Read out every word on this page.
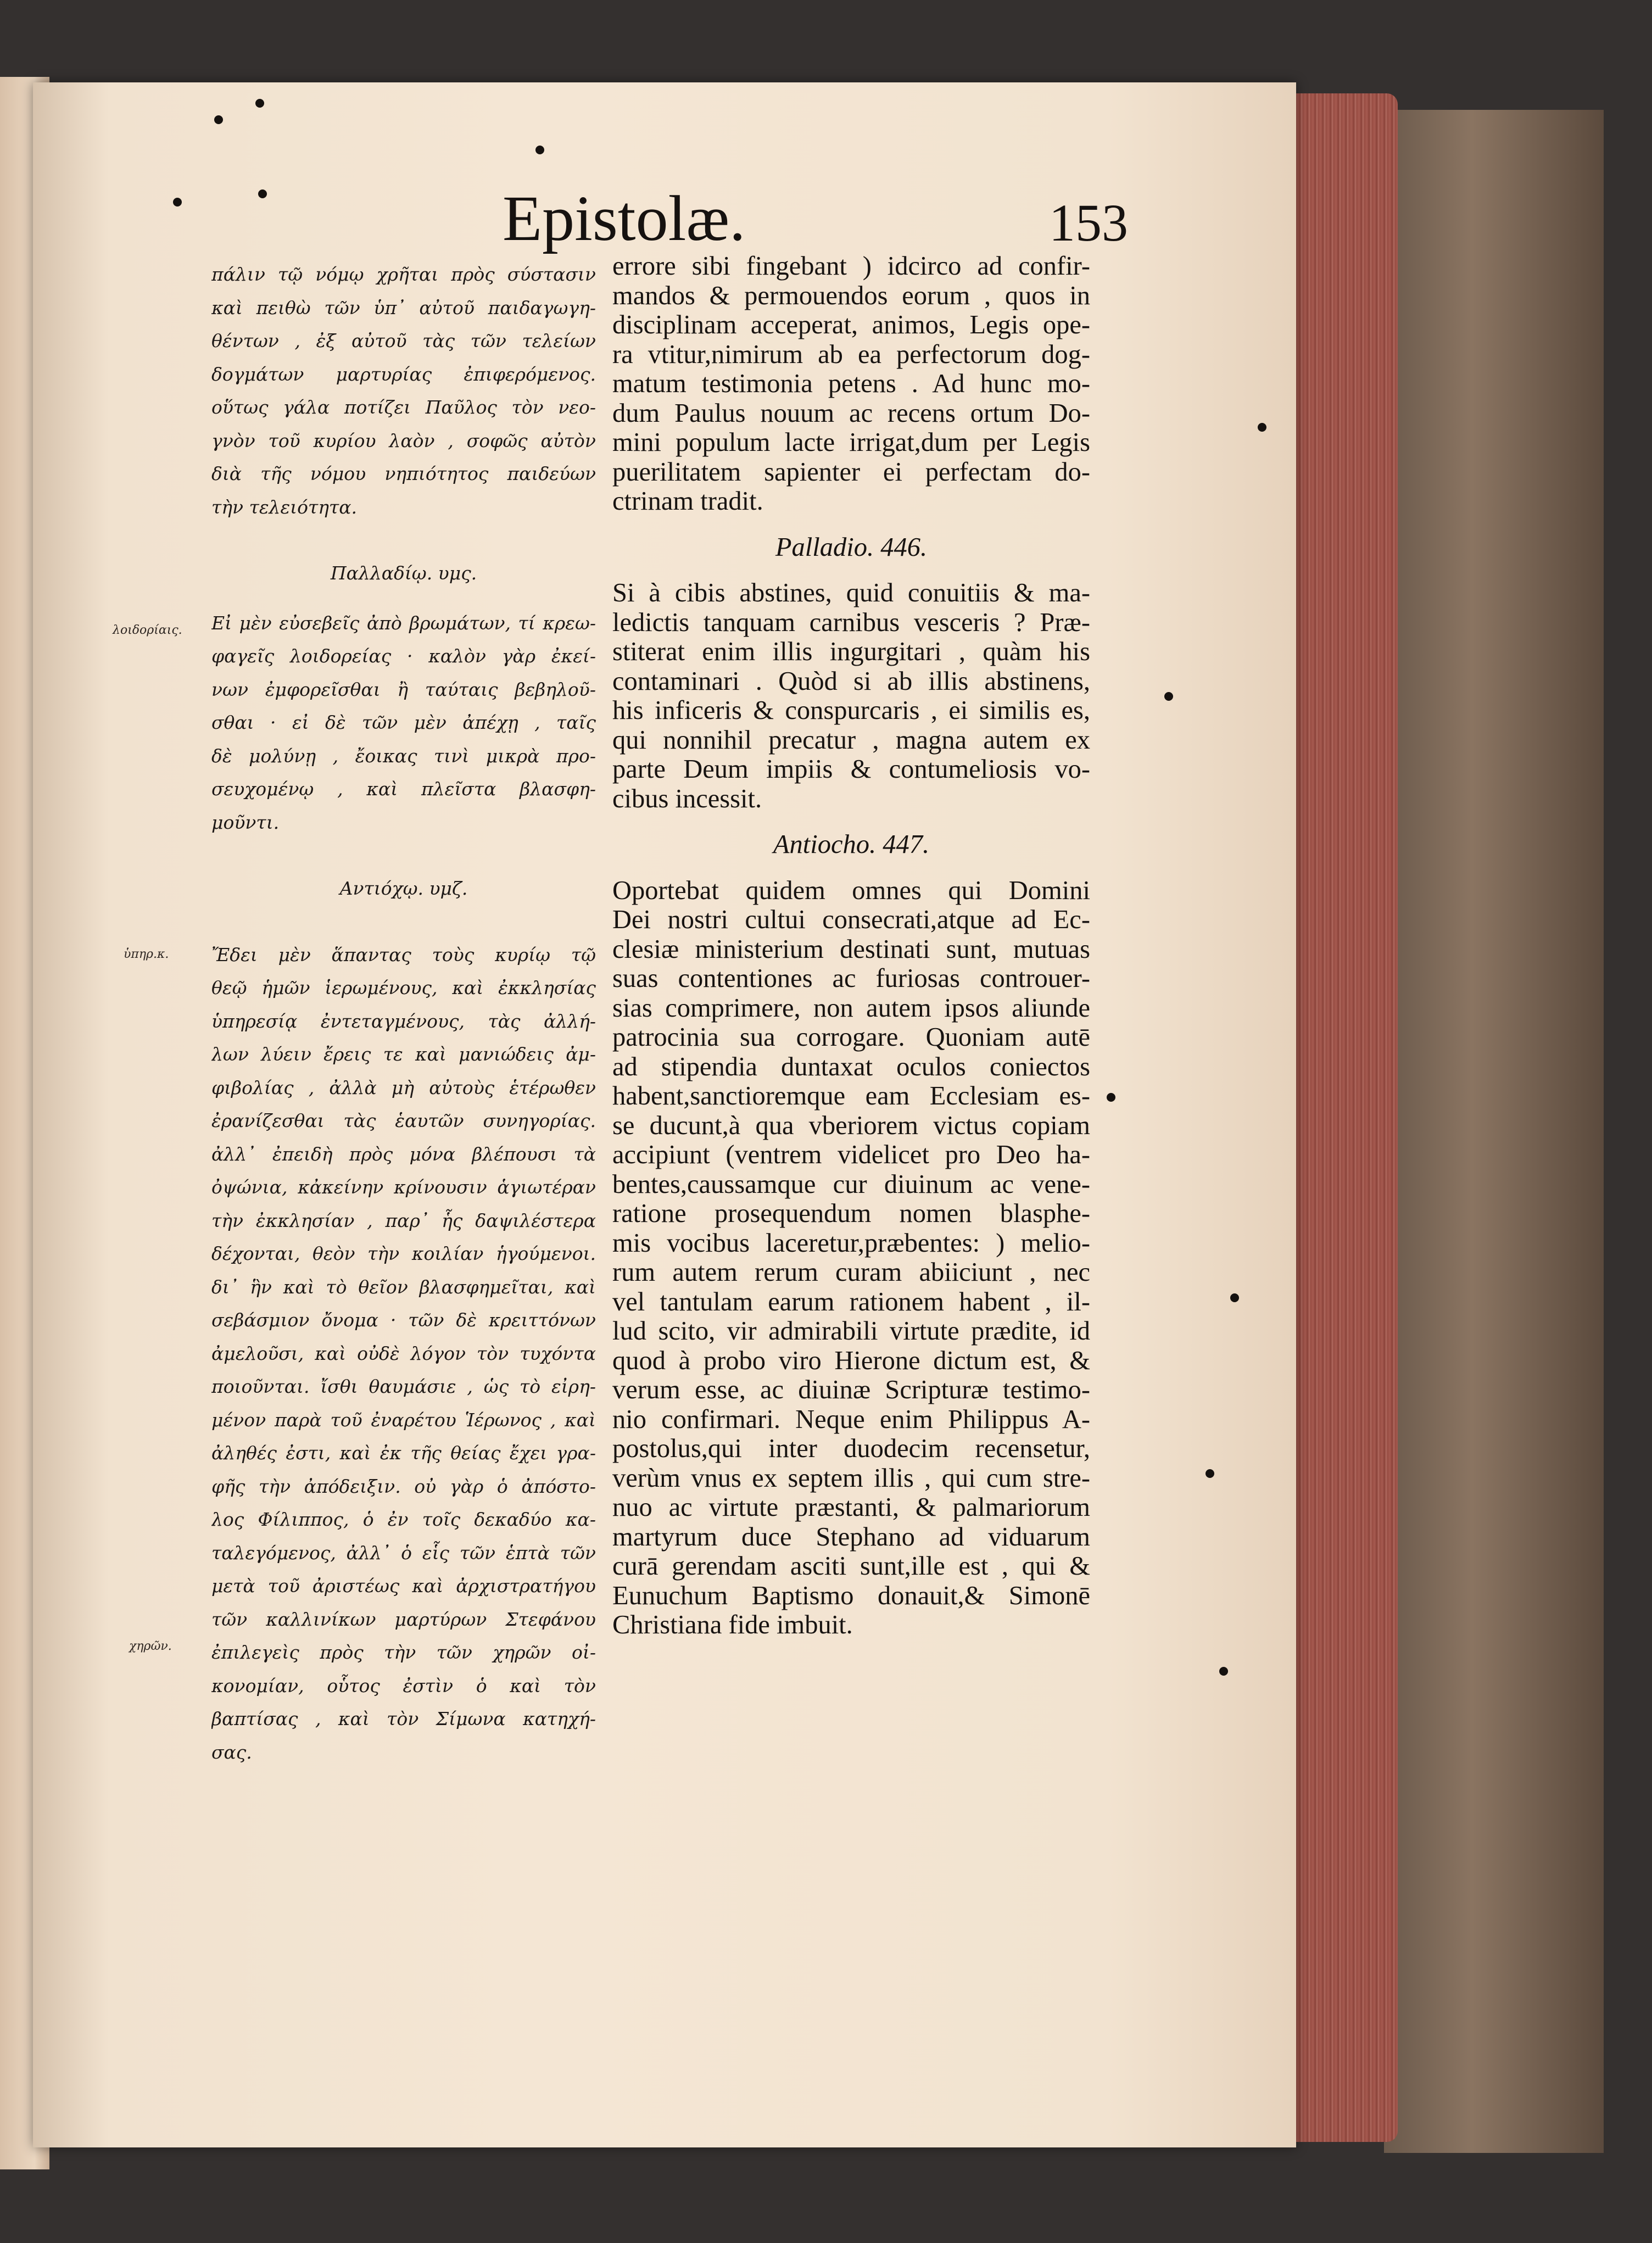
Epistolæ.	153
πάλιν τῷ νόμῳ χρῆται πρὸς σύστασιν
καὶ πειθὼ τῶν ὑπ᾽ αὐτοῦ παιδαγωγη-
θέντων , ἐξ αὐτοῦ τὰς τῶν τελείων
δογμάτων μαρτυρίας ἐπιφερόμενος.
οὕτως γάλα ποτίζει Παῦλος τὸν νεο-
γνὸν τοῦ κυρίου λαὸν , σοφῶς αὐτὸν
διὰ τῆς νόμου νηπιότητος παιδεύων
τὴν τελειότητα.
Παλλαδίῳ. υμς.
Εἰ μὲν εὐσεβεῖς ἀπὸ βρωμάτων, τί κρεω-
φαγεῖς λοιδορείας · καλὸν γὰρ ἐκεί-
νων ἐμφορεῖσθαι ἢ ταύταις βεβηλοῦ-
σθαι · εἰ δὲ τῶν μὲν ἀπέχῃ , ταῖς
δὲ μολύνῃ , ἔοικας τινὶ μικρὰ προ-
σευχομένῳ , καὶ πλεῖστα βλασφη-
μοῦντι.
Αντιόχῳ. υμζ.
Ἔδει μὲν ἅπαντας τοὺς κυρίῳ τῷ
θεῷ ἡμῶν ἱερωμένους, καὶ ἐκκλησίας
ὑπηρεσίᾳ ἐντεταγμένους, τὰς ἀλλή-
λων λύειν ἔρεις τε καὶ μανιώδεις ἀμ-
φιβολίας , ἀλλὰ μὴ αὐτοὺς ἑτέρωθεν
ἐρανίζεσθαι τὰς ἑαυτῶν συνηγορίας.
ἀλλ᾽ ἐπειδὴ πρὸς μόνα βλέπουσι τὰ
ὀψώνια, κἀκείνην κρίνουσιν ἁγιωτέραν
τὴν ἐκκλησίαν , παρ᾽ ἧς δαψιλέστερα
δέχονται, θεὸν τὴν κοιλίαν ἡγούμενοι.
δι᾽ ἣν καὶ τὸ θεῖον βλασφημεῖται, καὶ
σεβάσμιον ὄνομα · τῶν δὲ κρειττόνων
ἀμελοῦσι, καὶ οὐδὲ λόγον τὸν τυχόντα
ποιοῦνται. ἴσθι θαυμάσιε , ὡς τὸ εἰρη-
μένον παρὰ τοῦ ἐναρέτου Ἱέρωνος , καὶ
ἀληθές ἐστι, καὶ ἐκ τῆς θείας ἔχει γρα-
φῆς τὴν ἀπόδειξιν. οὐ γὰρ ὁ ἀπόστο-
λος Φίλιππος, ὁ ἐν τοῖς δεκαδύο κα-
ταλεγόμενος, ἀλλ᾽ ὁ εἷς τῶν ἑπτὰ τῶν
μετὰ τοῦ ἀριστέως καὶ ἀρχιστρατήγου
τῶν καλλινίκων μαρτύρων Στεφάνου
ἐπιλεγεὶς πρὸς τὴν τῶν χηρῶν οἰ-
κονομίαν, οὗτος ἐστὶν ὁ καὶ τὸν
βαπτίσας , καὶ τὸν Σίμωνα κατηχή-
σας.
errore sibi fingebant ) idcirco ad confir-
mandos & permouendos eorum , quos in
disciplinam acceperat, animos, Legis ope-
ra vtitur,nimirum ab ea perfectorum dog-
matum testimonia petens . Ad hunc mo-
dum Paulus nouum ac recens ortum Do-
mini populum lacte irrigat,dum per Legis
puerilitatem sapienter ei perfectam do-
ctrinam tradit.
Palladio. 446.
Si à cibis abstines, quid conuitiis & ma-
ledictis tanquam carnibus vesceris ? Præ-
stiterat enim illis ingurgitari , quàm his
contaminari . Quòd si ab illis abstinens,
his inficeris & conspurcaris , ei similis es,
qui nonnihil precatur , magna autem ex
parte Deum impiis & contumeliosis vo-
cibus incessit.
Antiocho. 447.
Oportebat quidem omnes qui Domini
Dei nostri cultui consecrati,atque ad Ec-
clesiæ ministerium destinati sunt, mutuas
suas contentiones ac furiosas controuer-
sias comprimere, non autem ipsos aliunde
patrocinia sua corrogare. Quoniam autē
ad stipendia duntaxat oculos coniectos
habent,sanctioremque eam Ecclesiam es-
se ducunt,à qua vberiorem victus copiam
accipiunt (ventrem videlicet pro Deo ha-
bentes,caussamque cur diuinum ac vene-
ratione prosequendum nomen blasphe-
mis vocibus laceretur,præbentes: ) melio-
rum autem rerum curam abiiciunt , nec
vel tantulam earum rationem habent , il-
lud scito, vir admirabili virtute prædite, id
quod à probo viro Hierone dictum est, &
verum esse, ac diuinæ Scripturæ testimo-
nio confirmari. Neque enim Philippus A-
postolus,qui inter duodecim recensetur,
verùm vnus ex septem illis , qui cum stre-
nuo ac virtute præstanti, & palmariorum
martyrum duce Stephano ad viduarum
curā gerendam asciti sunt,ille est , qui &
Eunuchum Baptismo donauit,& Simonē
Christiana fide imbuit.
λοιδορίαις.
ὑπηρ.κ.
χηρῶν.
